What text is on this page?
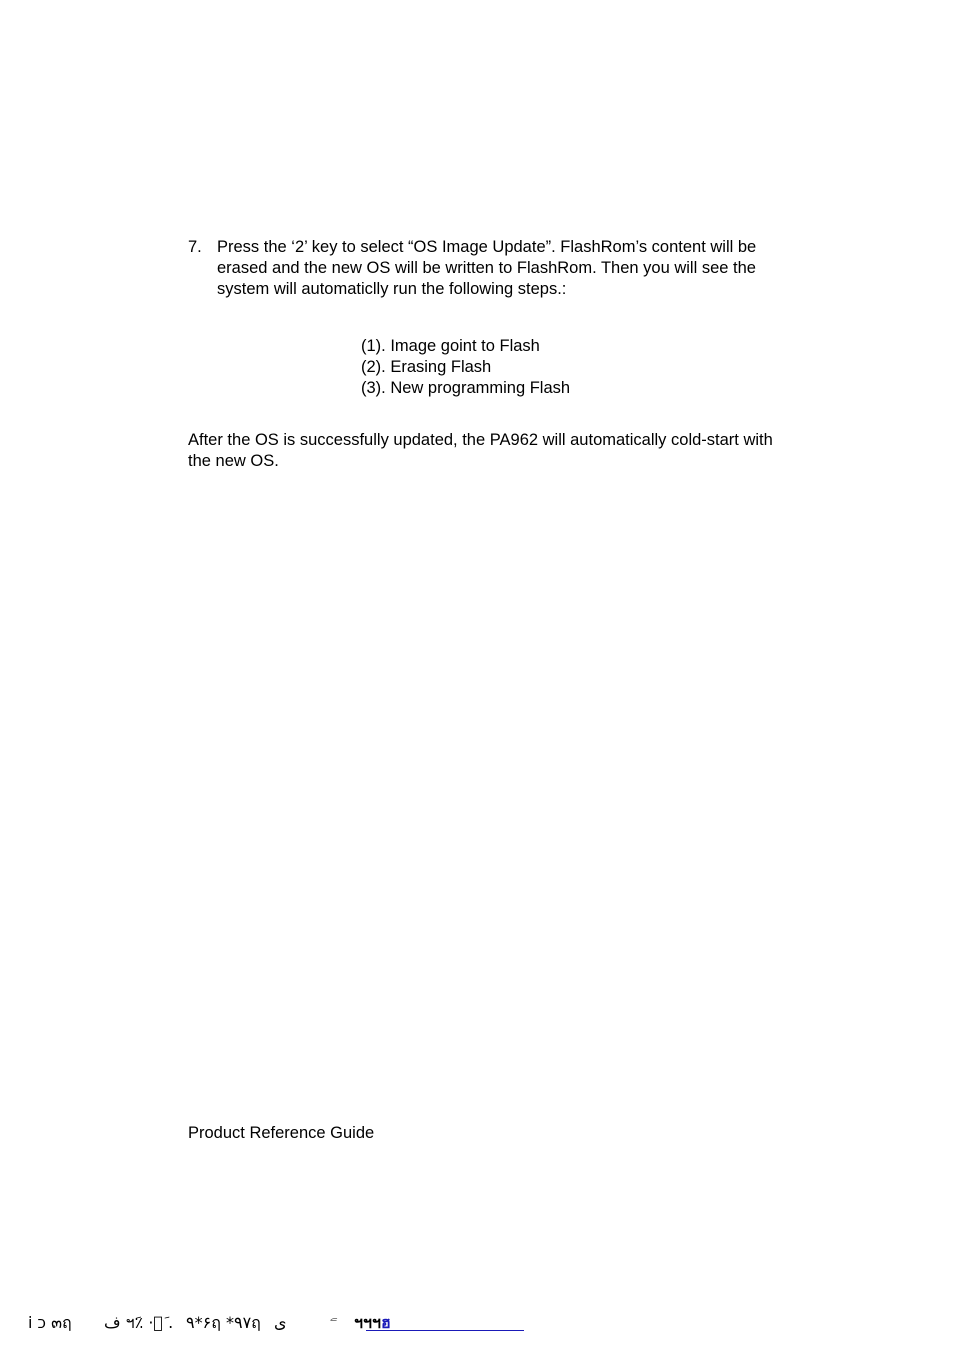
7. Press the ‘2’ key to select “OS Image Update”. FlashRom’s content will be
erased and the new OS will be written to FlashRom. Then you will see the
system will automaticlly run the following steps.:
(1). Image goint to Flash
(2). Erasing Flash
(3). New programming Flash
After the OS is successfully updated, the PA962 will automatically cold-start with
the new OS.
Product Reference Guide
i כ ๓ฤ ف ฯ٪َ ·๓َ . ٩*۶ฤ *٩٧ฤ ى	ﮯ ฯฯฯฮ
